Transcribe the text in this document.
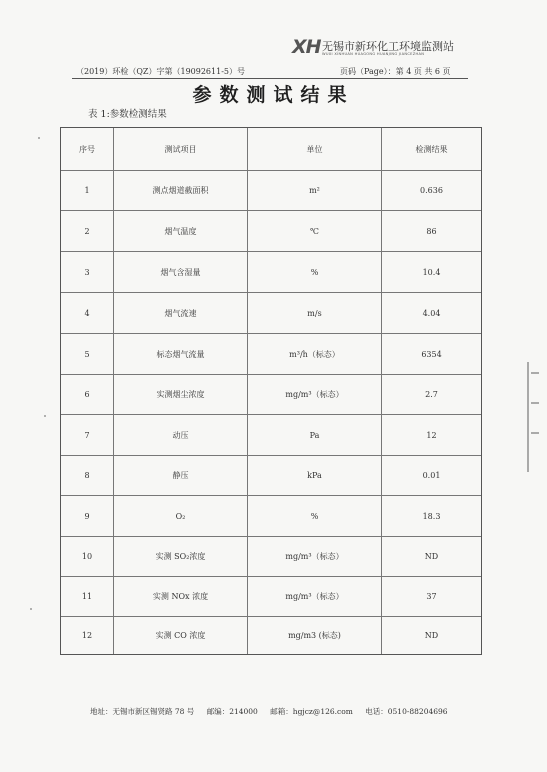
XH 无锡市新环化工环境监测站
WUXI XINHUAN HUAGONG HUANJING JIANCEZHAN
（2019）环检（QZ）字第（19092611-5）号	页码（Page）：第 4 页 共 6 页
参数测试结果
表 1:参数检测结果
序号	测试项目	单位	检测结果
1	测点烟道截面积	m²	0.636
2	烟气温度	℃	86
3	烟气含湿量	%	10.4
4	烟气流速	m/s	4.04
5	标态烟气流量	m³/h（标态）	6354
6	实测烟尘浓度	mg/m³（标态）	2.7
7	动压	Pa	12
8	静压	kPa	0.01
9	O₂	%	18.3
10	实测 SO₂浓度	mg/m³（标态）	ND
11	实测 NOx 浓度	mg/m³（标态）	37
12	实测 CO 浓度	mg/m3 (标态)	ND
地址：无锡市新区锡贤路 78 号 邮编：214000 邮箱：hgjcz@126.com 电话：0510-88204696
